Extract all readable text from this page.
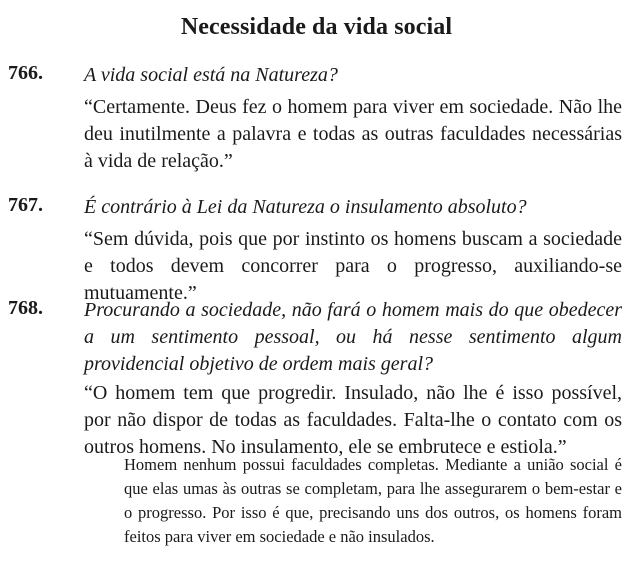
Necessidade da vida social
766. A vida social está na Natureza?
“Certamente. Deus fez o homem para viver em sociedade. Não lhe deu inutilmente a palavra e todas as outras faculdades necessárias à vida de relação.”
767. É contrário à Lei da Natureza o insulamento absoluto?
“Sem dúvida, pois que por instinto os homens buscam a sociedade e todos devem concorrer para o progresso, auxiliando-se mutuamente.”
768. Procurando a sociedade, não fará o homem mais do que obedecer a um sentimento pessoal, ou há nesse sentimento algum providencial objetivo de ordem mais geral?
“O homem tem que progredir. Insulado, não lhe é isso possível, por não dispor de todas as faculdades. Falta-lhe o contato com os outros homens. No insulamento, ele se embrutece e estiola.”
Homem nenhum possui faculdades completas. Mediante a união social é que elas umas às outras se completam, para lhe assegurarem o bem-estar e o progresso. Por isso é que, precisando uns dos outros, os homens foram feitos para viver em sociedade e não insulados.
